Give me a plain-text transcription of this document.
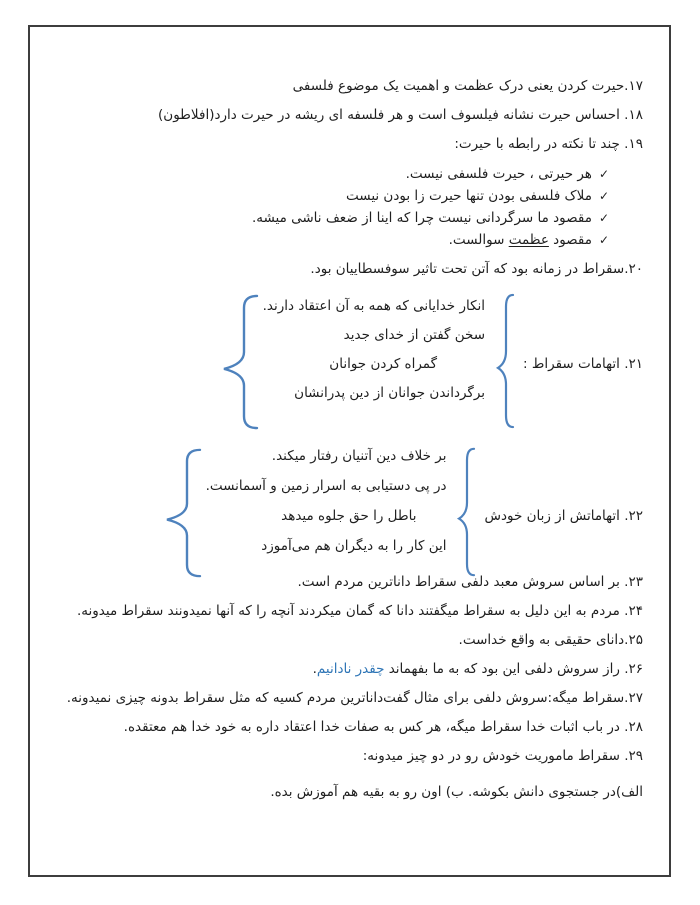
۱۷.حیرت کردن یعنی درک عظمت و اهمیت یک موضوع فلسفی

۱۸. احساس حیرت نشانه فیلسوف است و هر فلسفه ای ریشه در حیرت دارد(افلاطون)

۱۹. چند تا نکته در رابطه با حیرت:

✓هر حیرتی ، حیرت فلسفی نیست.

✓ملاک فلسفی بودن تنها حیرت زا بودن نیست

✓مقصود ما سرگردانی نیست چرا که اینا از ضعف ناشی میشه.

✓مقصود عظمت سوالست.

۲۰.سقراط در زمانه بود که آتن تحت تاثیر سوفسطاییان بود.

۲۱. اتهامات سقراط :

انکار خدایانی که همه به آن اعتقاد دارند.

سخن گفتن از خدای جدید

گمراه کردن جوانان

برگرداندن جوانان از دین پدرانشان

۲۲. اتهاماتش از زبان خودش

بر خلاف دین آتنیان رفتار میکند.

در پی دستیابی به اسرار زمین و آسمانست.

باطل را حق جلوه میدهد

این کار را به دیگران هم می‌آموزد

۲۳. بر اساس سروش معبد دلفی سقراط داناترین مردم است.

۲۴. مردم به این دلیل به سقراط میگفتند دانا که گمان میکردند آنچه را که آنها نمیدونند سقراط میدونه.

۲۵.دانای حقیقی به واقع خداست.

۲۶. راز سروش دلفی این بود که به ما بفهماند چقدر نادانیم.

۲۷.سقراط میگه:سروش دلفی برای مثال گفت‌داناترین مردم کسیه که مثل سقراط بدونه چیزی نمیدونه.

۲۸. در باب اثبات خدا سقراط میگه، هر کس به صفات خدا اعتقاد داره به خود خدا هم معتقده.

۲۹. سقراط ماموریت خودش رو در دو چیز میدونه:

الف)در جستجوی دانش بکوشه. ب) اون رو به بقیه هم آموزش بده.
